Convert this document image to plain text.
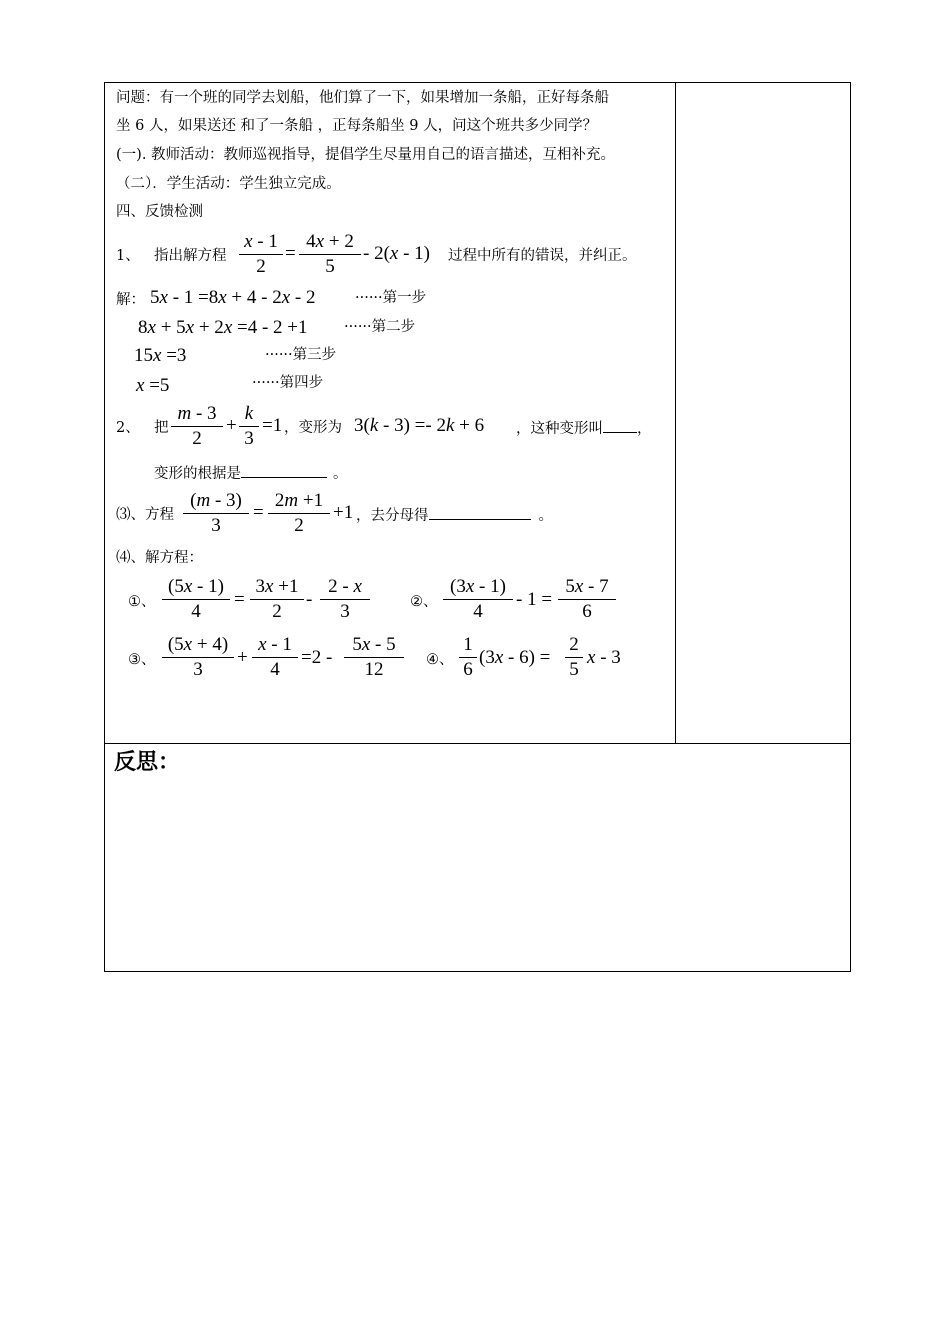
问题：有一个班的同学去划船，他们算了一下，如果增加一条船，正好每条船
坐 6 人，如果送还 和了一条船 ，正每条船坐 9 人，问这个班共多少同学？
(一). 教师活动：教师巡视指导，提倡学生尽量用自己的语言描述，互相补充。
（二）．学生活动：学生独立完成。
四、反馈检测
1、 指出解方程 $\frac{x - 1}{2} = \frac{4x + 2}{5} - 2(x - 1)$ 过程中所有的错误，并纠正。
解： 5x - 1 =8x + 4 - 2x - 2	······第一步
8x + 5x + 2x =4 - 2 +1	······第二步
15x =3	······第三步
x =5	······第四步
2、 把 $\frac{m - 3}{2} + \frac{k}{3} =1$ ，变形为 3(k - 3) =- 2k + 6 ，这种变形叫 ，
变形的根据是	。
⑶、方程 $\frac{(m - 3)}{3} = \frac{2m +1}{2} +1$ ，去分母得	。
⑷、解方程：
①、 $\frac{(5x - 1)}{4} = \frac{3x +1}{2} - \frac{2 - x}{3}$	②、 $\frac{(3x - 1)}{4} - 1 = \frac{5x - 7}{6}$
③、 $\frac{(5x + 4)}{3} + \frac{x - 1}{4} =2 - \frac{5x - 5}{12}$ ④、 $\frac{1}{6} (3x - 6) = \frac{2}{5}$ x - 3
反思：
